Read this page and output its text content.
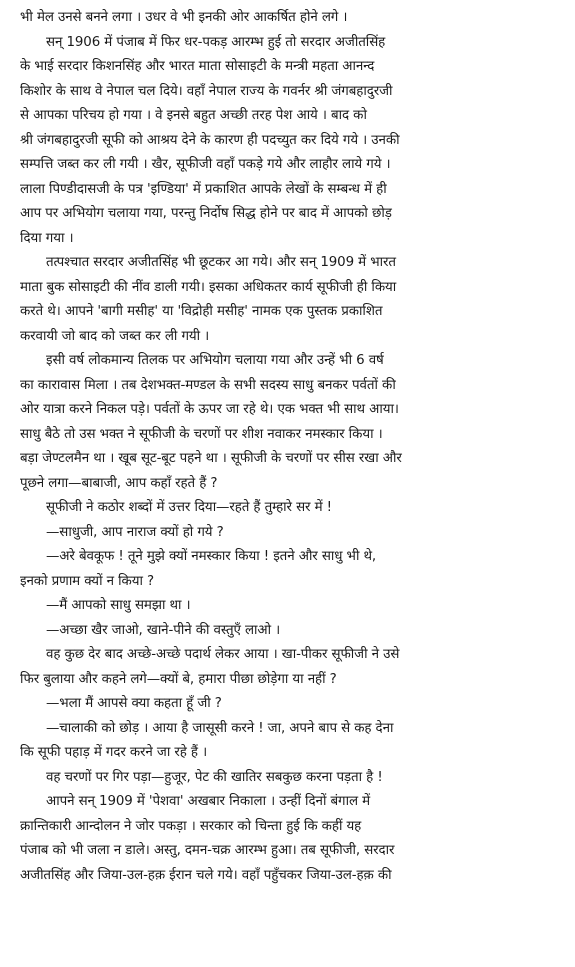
भी मेल उनसे बनने लगा । उधर वे भी इनकी ओर आकर्षित होने लगे ।
सन् 1906 में पंजाब में फिर धर-पकड़ आरम्भ हुई तो सरदार अजीतसिंह
के भाई सरदार किशनसिंह और भारत माता सोसाइटी के मन्त्री महता आनन्द
किशोर के साथ वे नेपाल चल दिये। वहाँ नेपाल राज्य के गवर्नर श्री जंगबहादुरजी
से आपका परिचय हो गया । वे इनसे बहुत अच्छी तरह पेश आये । बाद को
श्री जंगबहादुरजी सूफी को आश्रय देने के कारण ही पदच्युत कर दिये गये । उनकी
सम्पत्ति जब्त कर ली गयी । खैर, सूफीजी वहाँ पकड़े गये और लाहौर लाये गये ।
लाला पिण्डीदासजी के पत्र 'इण्डिया' में प्रकाशित आपके लेखों के सम्बन्ध में ही
आप पर अभियोग चलाया गया, परन्तु निर्दोष सिद्ध होने पर बाद में आपको छोड़
दिया गया ।
तत्पश्चात सरदार अजीतसिंह भी छूटकर आ गये। और सन् 1909 में भारत
माता बुक सोसाइटी की नींव डाली गयी। इसका अधिकतर कार्य सूफीजी ही किया
करते थे। आपने 'बागी मसीह' या 'विद्रोही मसीह' नामक एक पुस्तक प्रकाशित
करवायी जो बाद को जब्त कर ली गयी ।
इसी वर्ष लोकमान्य तिलक पर अभियोग चलाया गया और उन्हें भी 6 वर्ष
का कारावास मिला । तब देशभक्त-मण्डल के सभी सदस्य साधु बनकर पर्वतों की
ओर यात्रा करने निकल पड़े। पर्वतों के ऊपर जा रहे थे। एक भक्त भी साथ आया।
साधु बैठे तो उस भक्त ने सूफीजी के चरणों पर शीश नवाकर नमस्कार किया ।
बड़ा जेण्टलमैन था । खूब सूट-बूट पहने था । सूफीजी के चरणों पर सीस रखा और
पूछने लगा—बाबाजी, आप कहाँ रहते हैं ?
सूफीजी ने कठोर शब्दों में उत्तर दिया—रहते हैं तुम्हारे सर में !
—साधुजी, आप नाराज क्यों हो गये ?
—अरे बेवकूफ ! तूने मुझे क्यों नमस्कार किया ! इतने और साधु भी थे,
इनको प्रणाम क्यों न किया ?
—मैं आपको साधु समझा था ।
—अच्छा खैर जाओ, खाने-पीने की वस्तुएँ लाओ ।
वह कुछ देर बाद अच्छे-अच्छे पदार्थ लेकर आया । खा-पीकर सूफीजी ने उसे
फिर बुलाया और कहने लगे—क्यों बे, हमारा पीछा छोड़ेगा या नहीं ?
—भला मैं आपसे क्या कहता हूँ जी ?
—चालाकी को छोड़ । आया है जासूसी करने ! जा, अपने बाप से कह देना
कि सूफी पहाड़ में गदर करने जा रहे हैं ।
वह चरणों पर गिर पड़ा—हुजूर, पेट की खातिर सबकुछ करना पड़ता है !
आपने सन् 1909 में 'पेशवा' अखबार निकाला । उन्हीं दिनों बंगाल में
क्रान्तिकारी आन्दोलन ने जोर पकड़ा । सरकार को चिन्ता हुई कि कहीं यह
पंजाब को भी जला न डाले। अस्तु, दमन-चक्र आरम्भ हुआ। तब सूफीजी, सरदार
अजीतसिंह और जिया-उल-हक़ ईरान चले गये। वहाँ पहुँचकर जिया-उल-हक़ की
